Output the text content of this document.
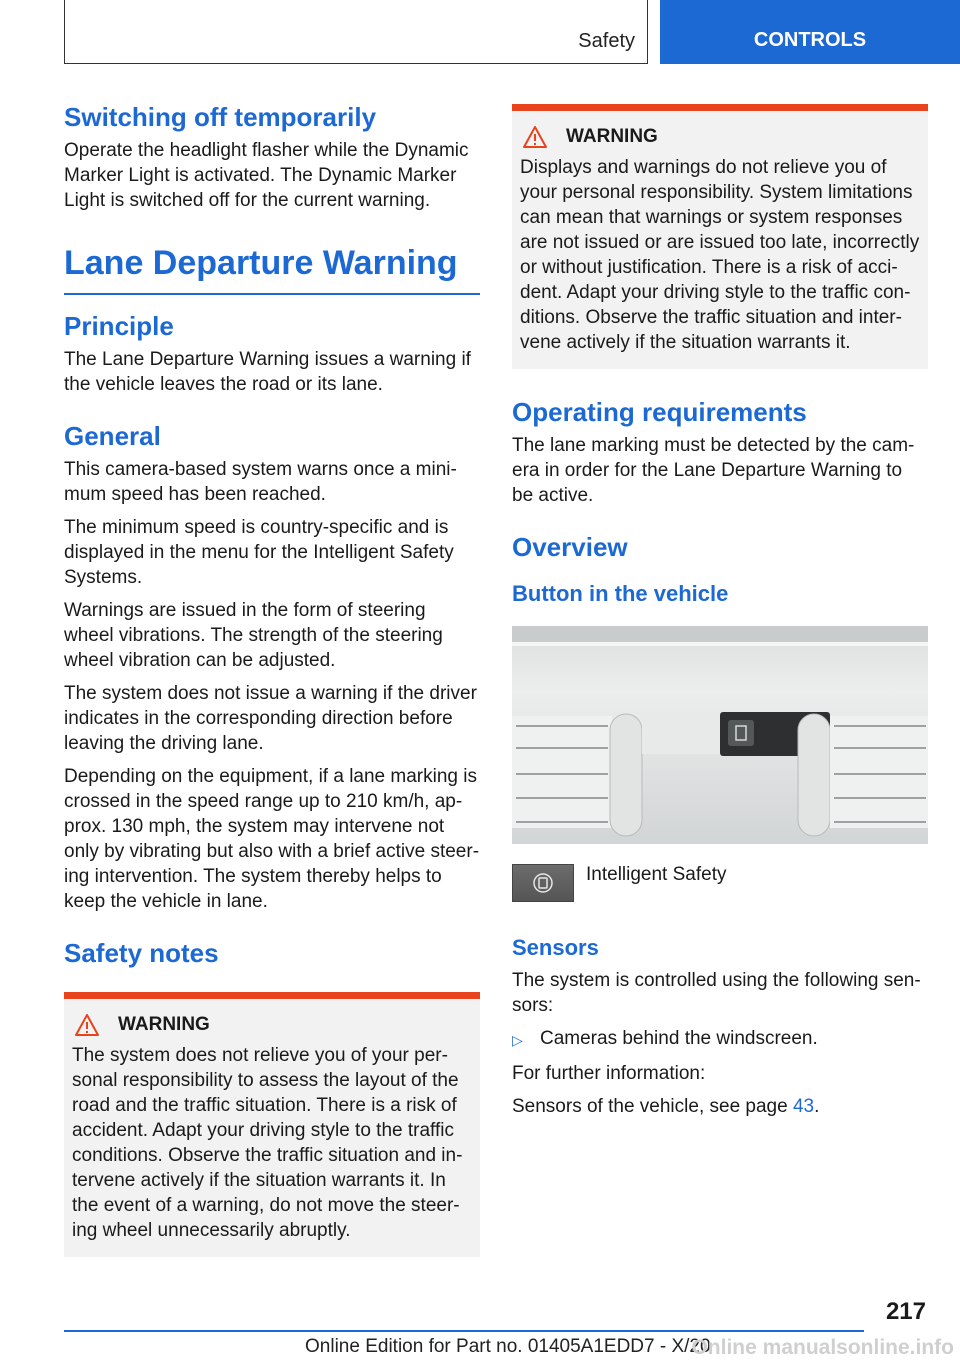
Safety	CONTROLS
Switching off temporarily

Operate the headlight flasher while the Dynamic Marker Light is activated. The Dynamic Marker Light is switched off for the current warning.

Lane Departure Warning
Principle

The Lane Departure Warning issues a warning if the vehicle leaves the road or its lane.

General

This camera-based system warns once a mini-mum speed has been reached.

The minimum speed is country-specific and is displayed in the menu for the Intelligent Safety Systems.

Warnings are issued in the form of steering wheel vibrations. The strength of the steering wheel vibration can be adjusted.

The system does not issue a warning if the driver indicates in the corresponding direction before leaving the driving lane.

Depending on the equipment, if a lane marking is crossed in the speed range up to 210 km/h, ap-prox. 130 mph, the system may intervene not only by vibrating but also with a brief active steer-ing intervention. The system thereby helps to keep the vehicle in lane.

Safety notes
WARNING

The system does not relieve you of your per-sonal responsibility to assess the layout of the road and the traffic situation. There is a risk of accident. Adapt your driving style to the traffic conditions. Observe the traffic situation and in-tervene actively if the situation warrants it. In the event of a warning, do not move the steer-ing wheel unnecessarily abruptly.

WARNING

Displays and warnings do not relieve you of your personal responsibility. System limitations can mean that warnings or system responses are not issued or are issued too late, incorrectly or without justification. There is a risk of acci-dent. Adapt your driving style to the traffic con-ditions. Observe the traffic situation and inter-vene actively if the situation warrants it.

Operating requirements

The lane marking must be detected by the cam-era in order for the Lane Departure Warning to be active.

Overview
Button in the vehicle
Intelligent Safety
Sensors

The system is controlled using the following sen-sors:

▷ Cameras behind the windscreen.

For further information:

Sensors of the vehicle, see page 43.

217
Online Edition for Part no. 01405A1EDD7 - X/20
Online manualsonline.info
